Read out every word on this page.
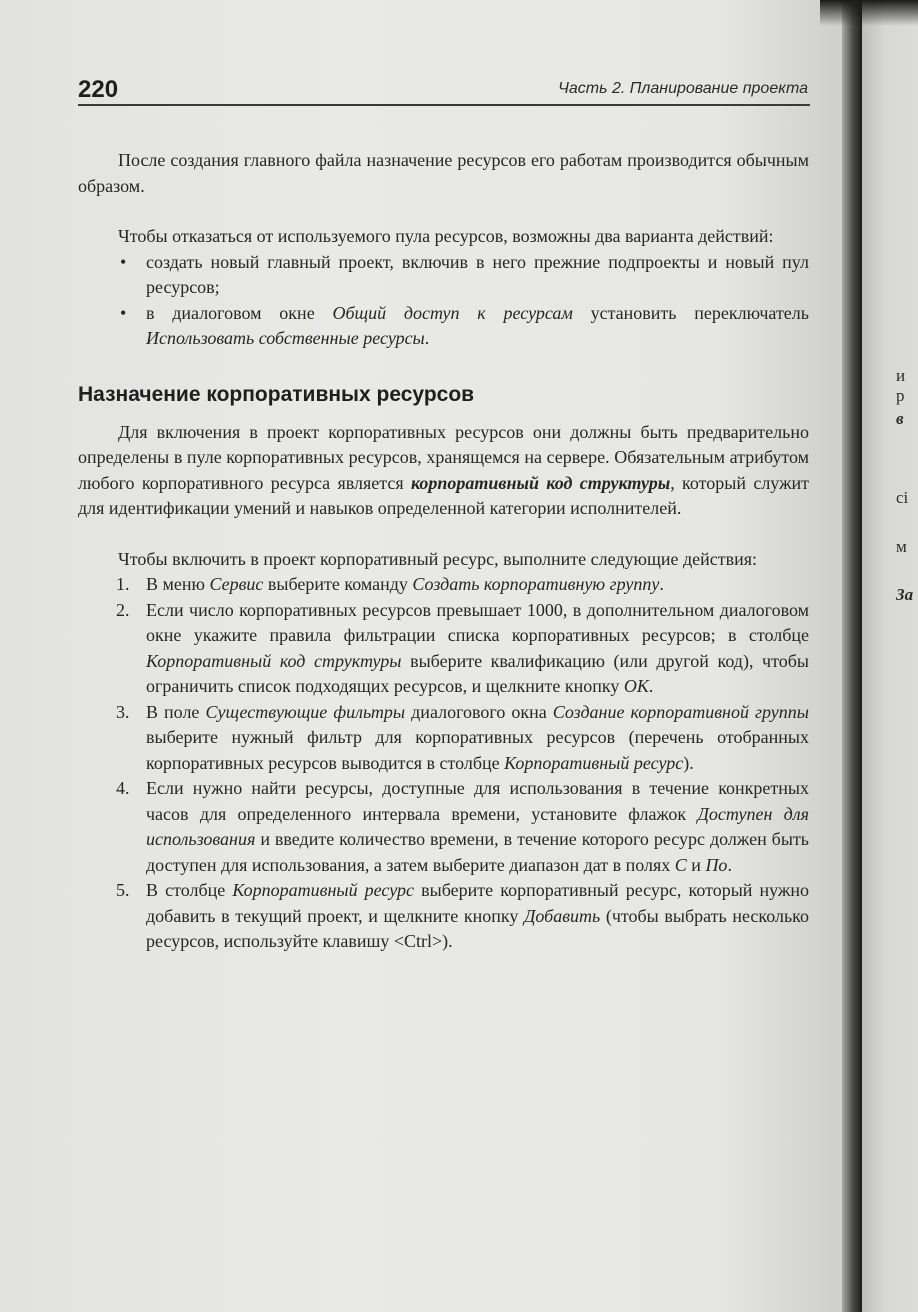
220	Часть 2. Планирование проекта

После создания главного файла назначение ресурсов его работам производится обычным образом.

Чтобы отказаться от используемого пула ресурсов, возможны два варианта действий:

• создать новый главный проект, включив в него прежние подпроекты и новый пул ресурсов;
• в диалоговом окне Общий доступ к ресурсам установить переключатель Использовать собственные ресурсы.
Назначение корпоративных ресурсов

Для включения в проект корпоративных ресурсов они должны быть предварительно определены в пуле корпоративных ресурсов, хранящемся на сервере. Обязательным атрибутом любого корпоративного ресурса является корпоративный код структуры, который служит для идентификации умений и навыков определенной категории исполнителей.

Чтобы включить в проект корпоративный ресурс, выполните следующие действия:

1. В меню Сервис выберите команду Создать корпоративную группу.
2. Если число корпоративных ресурсов превышает 1000, в дополнительном диалоговом окне укажите правила фильтрации списка корпоративных ресурсов; в столбце Корпоративный код структуры выберите квалификацию (или другой код), чтобы ограничить список подходящих ресурсов, и щелкните кнопку OK.
3. В поле Существующие фильтры диалогового окна Создание корпоративной группы выберите нужный фильтр для корпоративных ресурсов (перечень отобранных корпоративных ресурсов выводится в столбце Корпоративный ресурс).
4. Если нужно найти ресурсы, доступные для использования в течение конкретных часов для определенного интервала времени, установите флажок Доступен для использования и введите количество времени, в течение которого ресурс должен быть доступен для использования, а затем выберите диапазон дат в полях С и По.
5. В столбце Корпоративный ресурс выберите корпоративный ресурс, который нужно добавить в текущий проект, и щелкните кнопку Добавить (чтобы выбрать несколько ресурсов, используйте клавишу <Ctrl>).
и
р
в
сі
м
За
